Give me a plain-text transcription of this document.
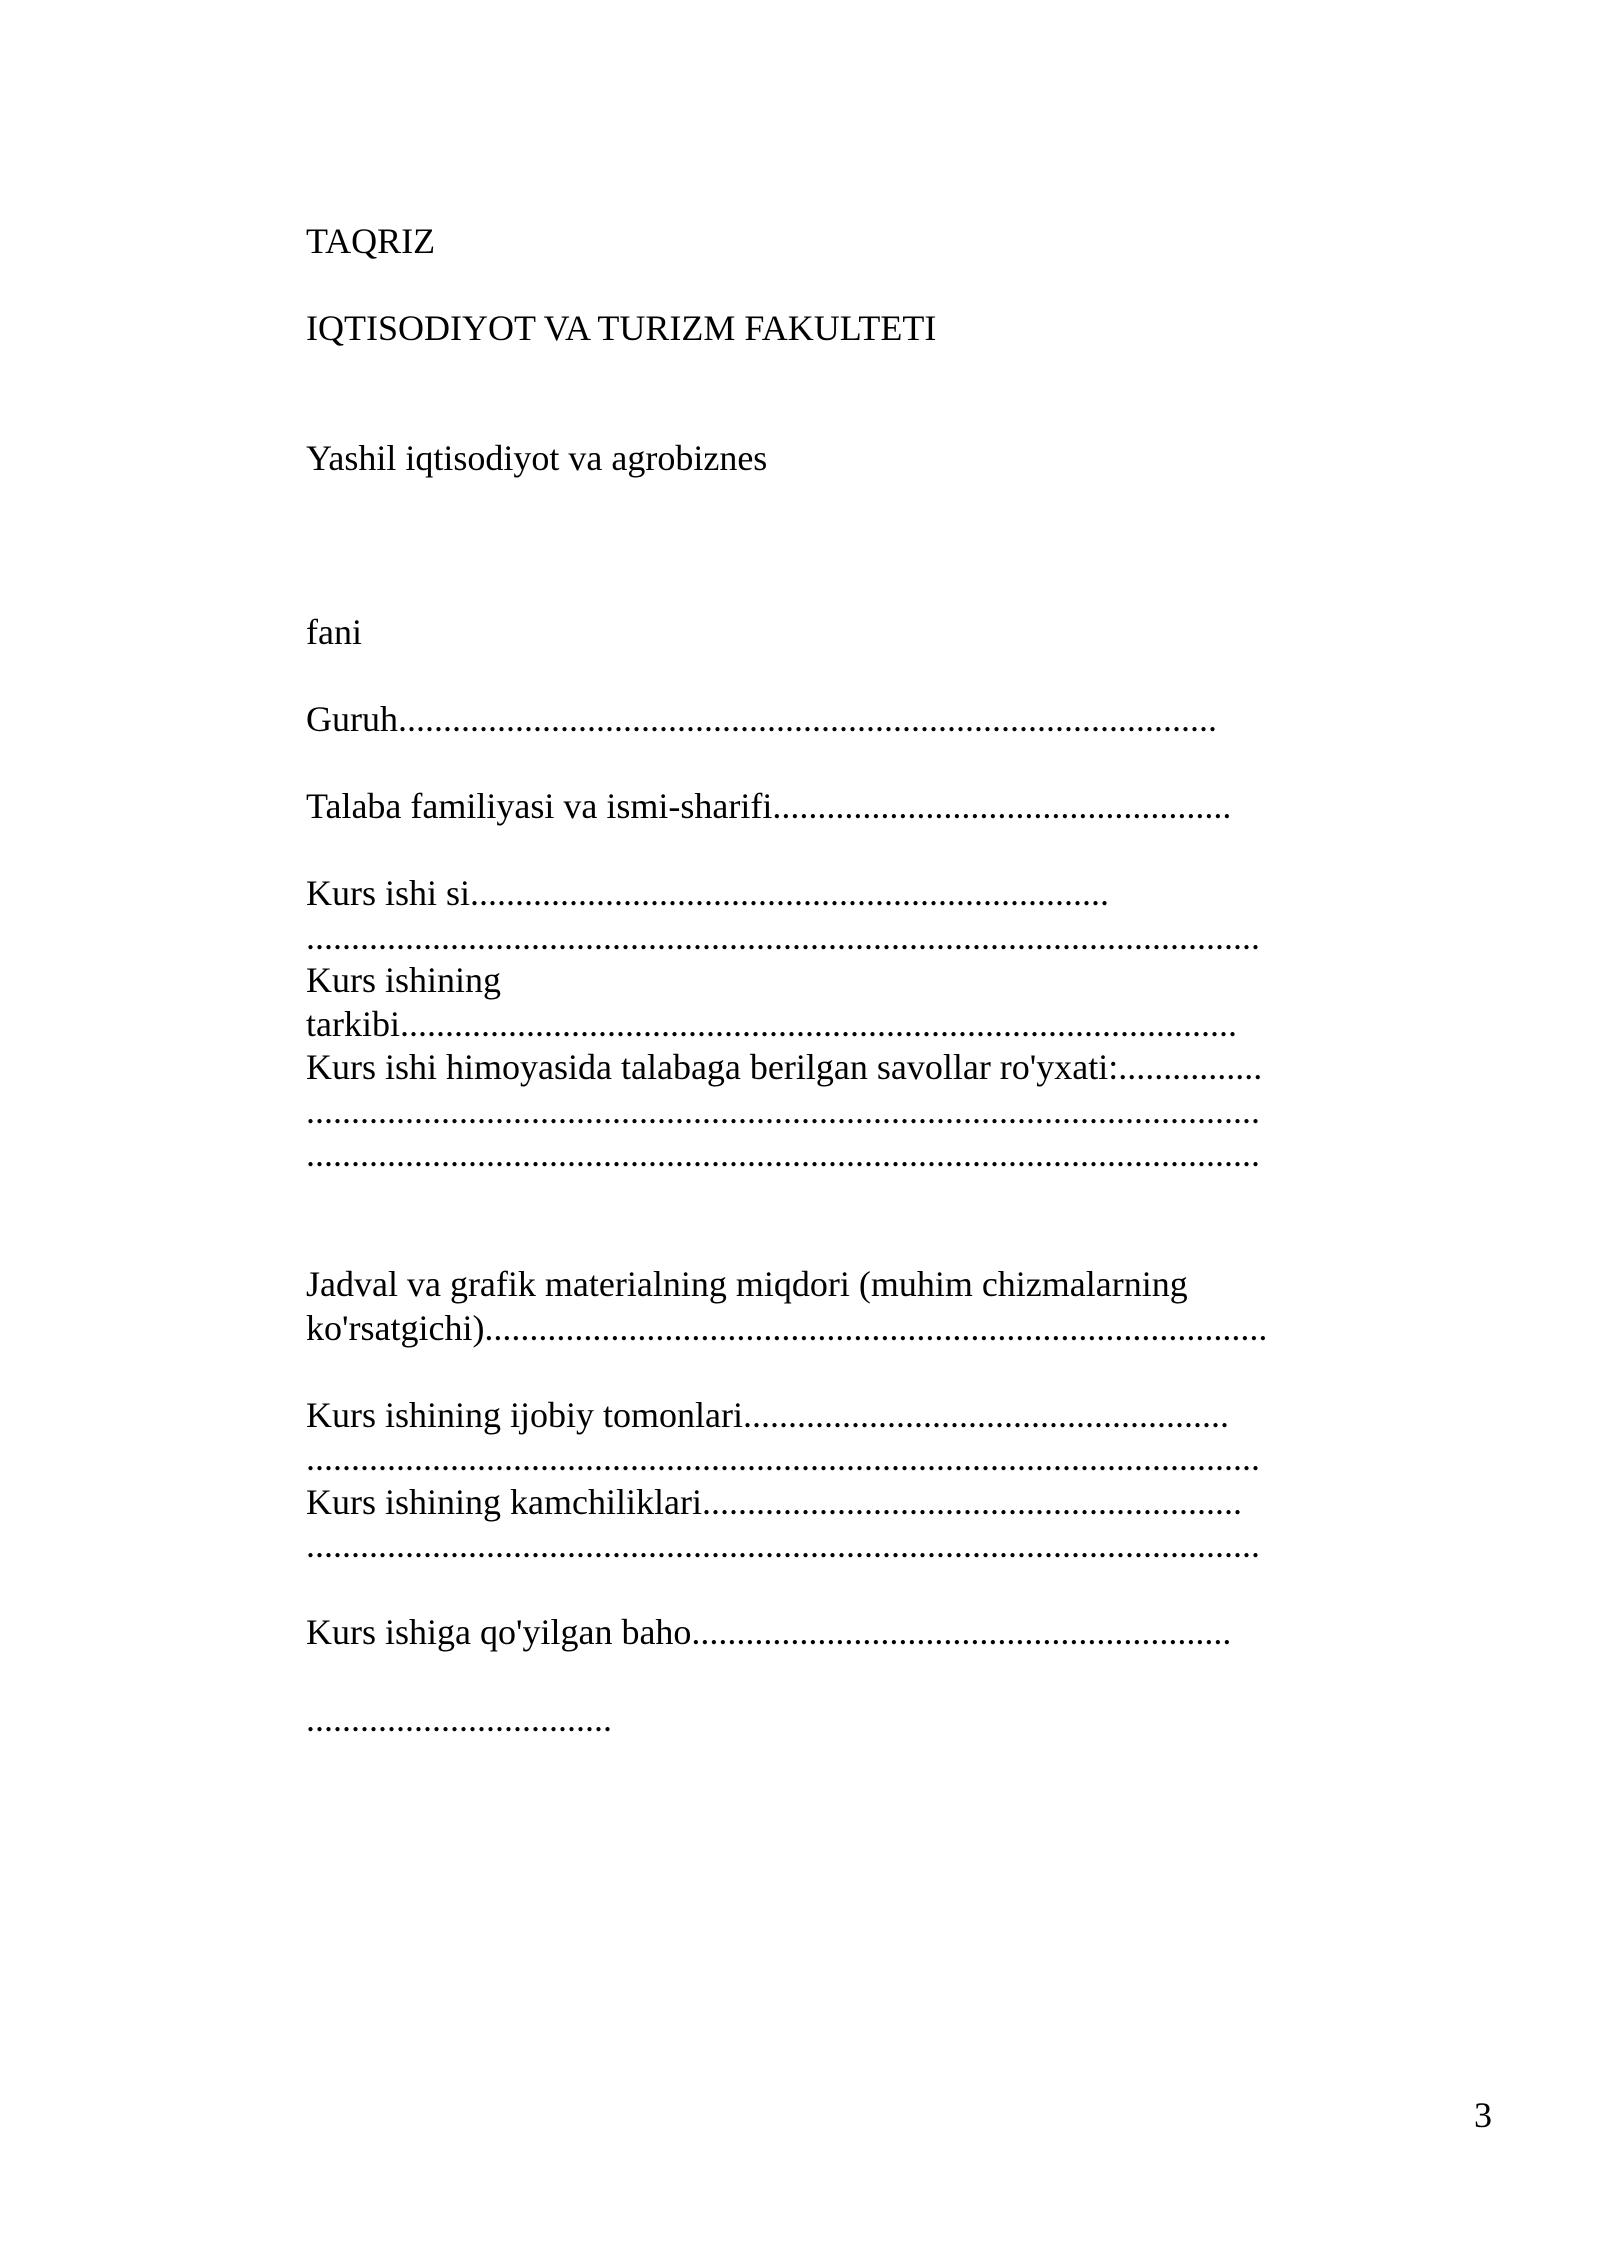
TAQRIZ
IQTISODIYOT VA TURIZM FAKULTETI
Yashil iqtisodiyot va agrobiznes
fani
Guruh...........................................................................................
Talaba familiyasi va ismi-sharifi...................................................
Kurs ishi si.......................................................................
..........................................................................................................
Kurs ishining
tarkibi.............................................................................................
Kurs ishi himoyasida talabaga berilgan savollar ro'yxati:................
..........................................................................................................
..........................................................................................................
Jadval va grafik materialning miqdori (muhim chizmalarning
ko'rsatgichi).......................................................................................
Kurs ishining ijobiy tomonlari......................................................
..........................................................................................................
Kurs ishining kamchiliklari............................................................
..........................................................................................................
Kurs ishiga qo'yilgan baho............................................................
..................................
3
